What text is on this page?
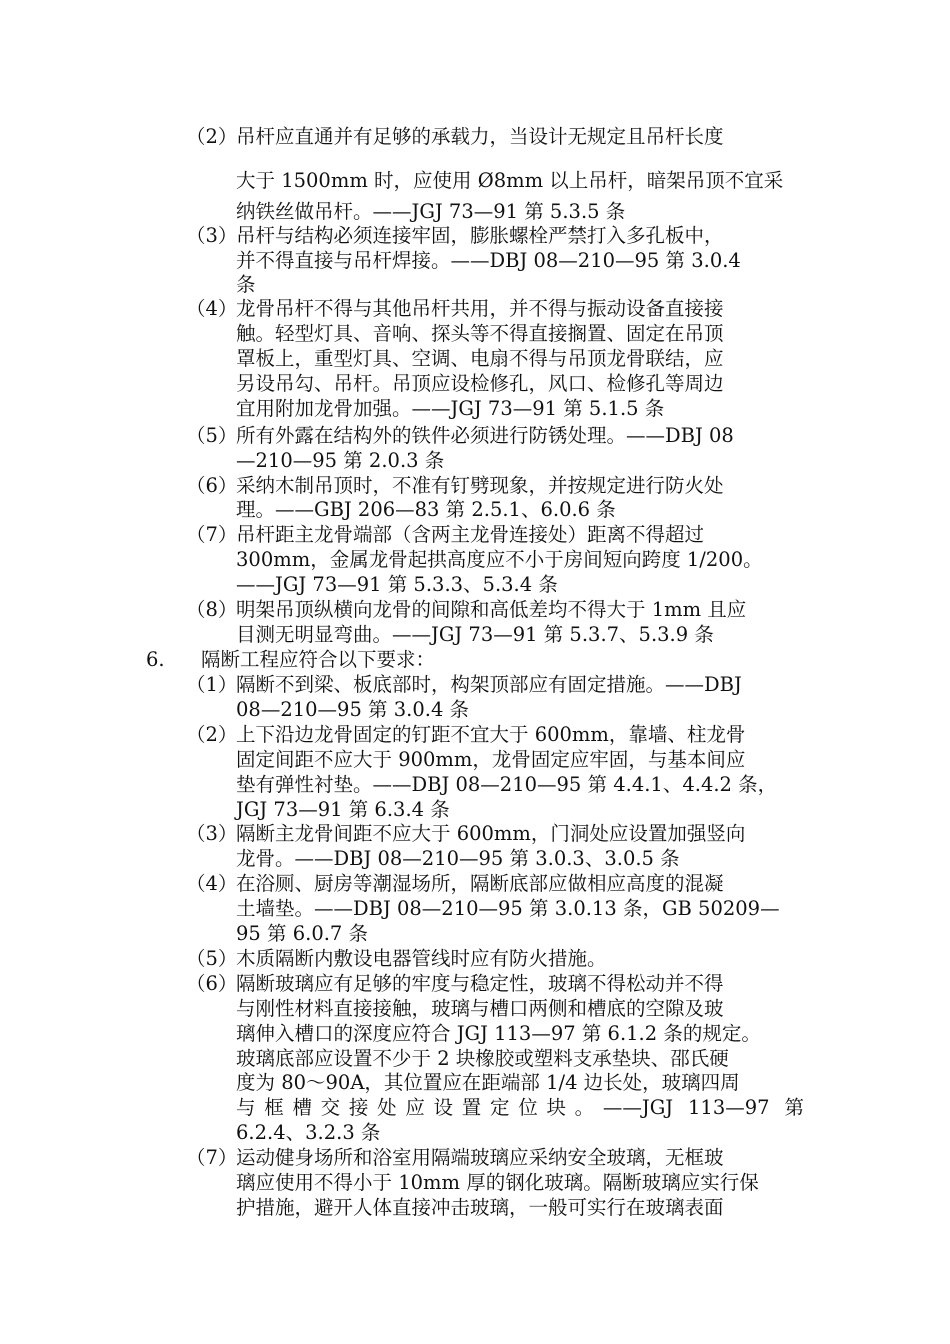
（2）
吊杆应直通并有足够的承载力，当设计无规定且吊杆长度
大于 1500mm 时，应使用 Ø8mm 以上吊杆，暗架吊顶不宜采
纳铁丝做吊杆。——JGJ 73—91 第 5.3.5 条
（3）
吊杆与结构必须连接牢固，膨胀螺栓严禁打入多孔板中，
并不得直接与吊杆焊接。——DBJ 08—210—95 第 3.0.4
条
（4）
龙骨吊杆不得与其他吊杆共用，并不得与振动设备直接接
触。轻型灯具、音响、探头等不得直接搁置、固定在吊顶
罩板上，重型灯具、空调、电扇不得与吊顶龙骨联结，应
另设吊勾、吊杆。吊顶应设检修孔，风口、检修孔等周边
宜用附加龙骨加强。——JGJ 73—91 第 5.1.5 条
（5）
所有外露在结构外的铁件必须进行防锈处理。——DBJ 08
—210—95 第 2.0.3 条
（6）
采纳木制吊顶时，不准有钉劈现象，并按规定进行防火处
理。——GBJ 206—83 第 2.5.1、6.0.6 条
（7）
吊杆距主龙骨端部（含两主龙骨连接处）距离不得超过
300mm，金属龙骨起拱高度应不小于房间短向跨度 1/200。
——JGJ 73—91 第 5.3.3、5.3.4 条
（8）
明架吊顶纵横向龙骨的间隙和高低差均不得大于 1mm 且应
目测无明显弯曲。——JGJ 73—91 第 5.3.7、5.3.9 条
6. 隔断工程应符合以下要求：
（1）
隔断不到梁、板底部时，构架顶部应有固定措施。——DBJ
08—210—95 第 3.0.4 条
（2）
上下沿边龙骨固定的钉距不宜大于 600mm，靠墙、柱龙骨
固定间距不应大于 900mm，龙骨固定应牢固，与基本间应
垫有弹性衬垫。——DBJ 08—210—95 第 4.4.1、4.4.2 条，
JGJ 73—91 第 6.3.4 条
（3）
隔断主龙骨间距不应大于 600mm，门洞处应设置加强竖向
龙骨。——DBJ 08—210—95 第 3.0.3、3.0.5 条
（4）
在浴厕、厨房等潮湿场所，隔断底部应做相应高度的混凝
土墙垫。——DBJ 08—210—95 第 3.0.13 条，GB 50209—
95 第 6.0.7 条
（5）
木质隔断内敷设电器管线时应有防火措施。
（6）
隔断玻璃应有足够的牢度与稳定性，玻璃不得松动并不得
与刚性材料直接接触，玻璃与槽口两侧和槽底的空隙及玻
璃伸入槽口的深度应符合 JGJ 113—97 第 6.1.2 条的规定。
玻璃底部应设置不少于 2 块橡胶或塑料支承垫块、邵氏硬
度为 80～90A，其位置应在距端部 1/4 边长处，玻璃四周
与框槽交接处应设置定位块。——JGJ 113—97 第
6.2.4、3.2.3 条
（7）
运动健身场所和浴室用隔端玻璃应采纳安全玻璃，无框玻
璃应使用不得小于 10mm 厚的钢化玻璃。隔断玻璃应实行保
护措施，避开人体直接冲击玻璃，一般可实行在玻璃表面
